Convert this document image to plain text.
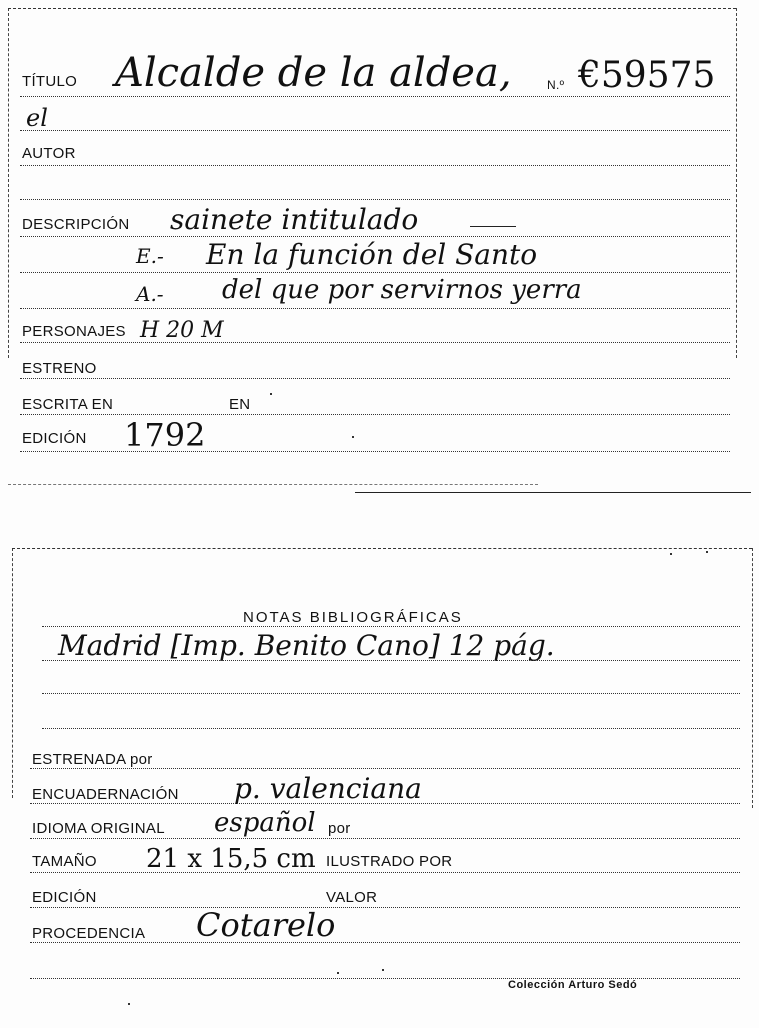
TÍTULO Alcalde de la aldea,	N.º €59575
el
AUTOR
DESCRIPCIÓN sainete intitulado
E.- En la función del Santo
A.- del que por servirnos yerra
PERSONAJES H 20 M
ESTRENO
ESCRITA EN	EN
EDICIÓN 1792
NOTAS BIBLIOGRÁFICAS
Madrid [Imp. Benito Cano] 12 pág.
ESTRENADA por
ENCUADERNACIÓN p. valenciana
IDIOMA ORIGINAL español por
TAMAÑO 21 x 15,5 cm ILUSTRADO POR
EDICIÓN	VALOR
PROCEDENCIA Cotarelo
Colección Arturo Sedó
